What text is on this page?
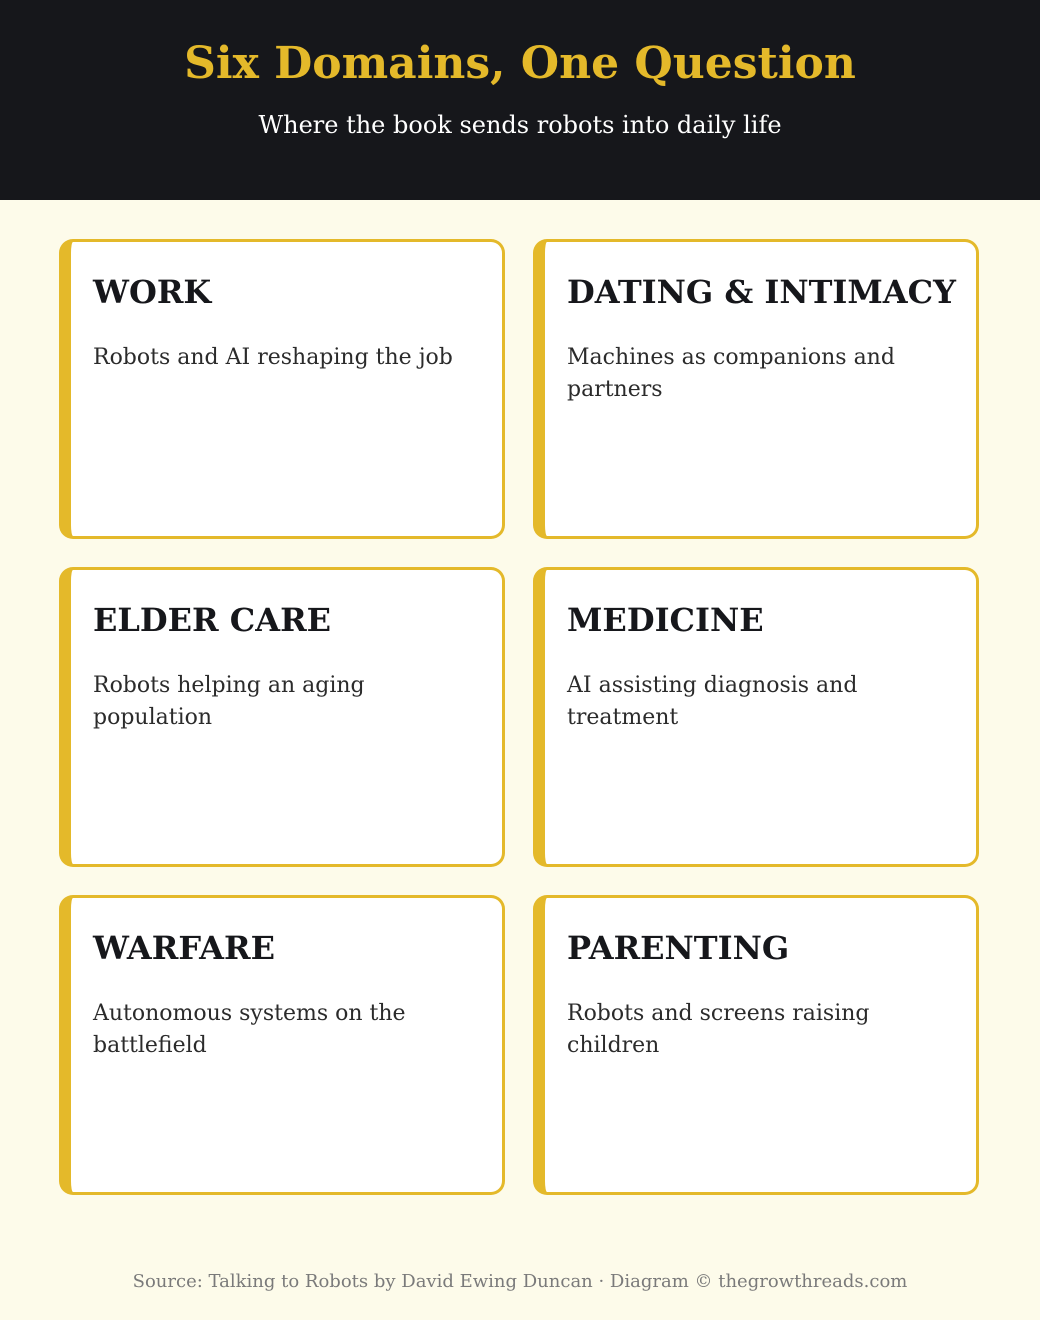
Six Domains, One Question
Where the book sends robots into daily life
WORK
Robots and AI reshaping the job
DATING & INTIMACY
Machines as companions and partners
ELDER CARE
Robots helping an aging population
MEDICINE
AI assisting diagnosis and treatment
WARFARE
Autonomous systems on the battlefield
PARENTING
Robots and screens raising children
Source: Talking to Robots by David Ewing Duncan · Diagram © thegrowthreads.com
